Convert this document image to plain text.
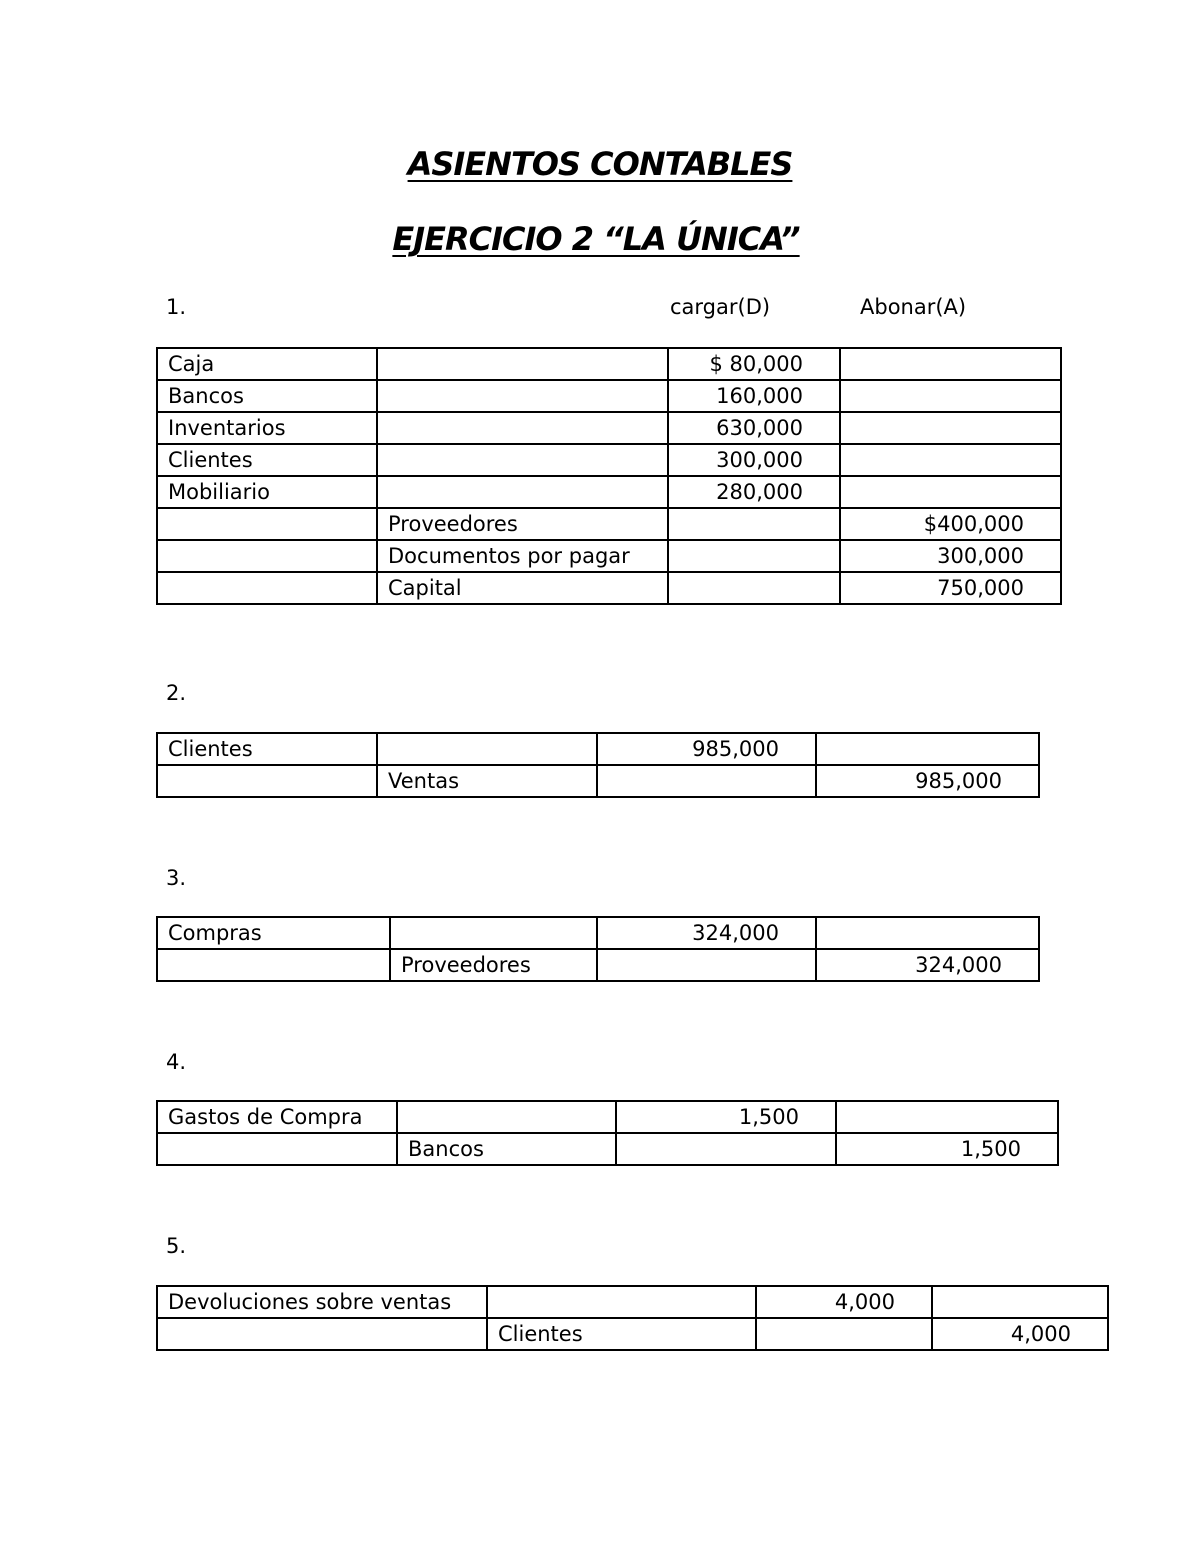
ASIENTOS CONTABLES
EJERCICIO 2 “LA ÚNICA”
1.	cargar(D)	Abonar(A)
Caja		$ 80,000	
Bancos		160,000	
Inventarios		630,000	
Clientes		300,000	
Mobiliario		280,000	
	Proveedores		$400,000
	Documentos por pagar		300,000
	Capital		750,000
2.
Clientes		985,000	
	Ventas		985,000
3.
Compras		324,000	
	Proveedores		324,000
4.
Gastos de Compra		1,500	
	Bancos		1,500
5.
Devoluciones sobre ventas		4,000	
	Clientes		4,000
